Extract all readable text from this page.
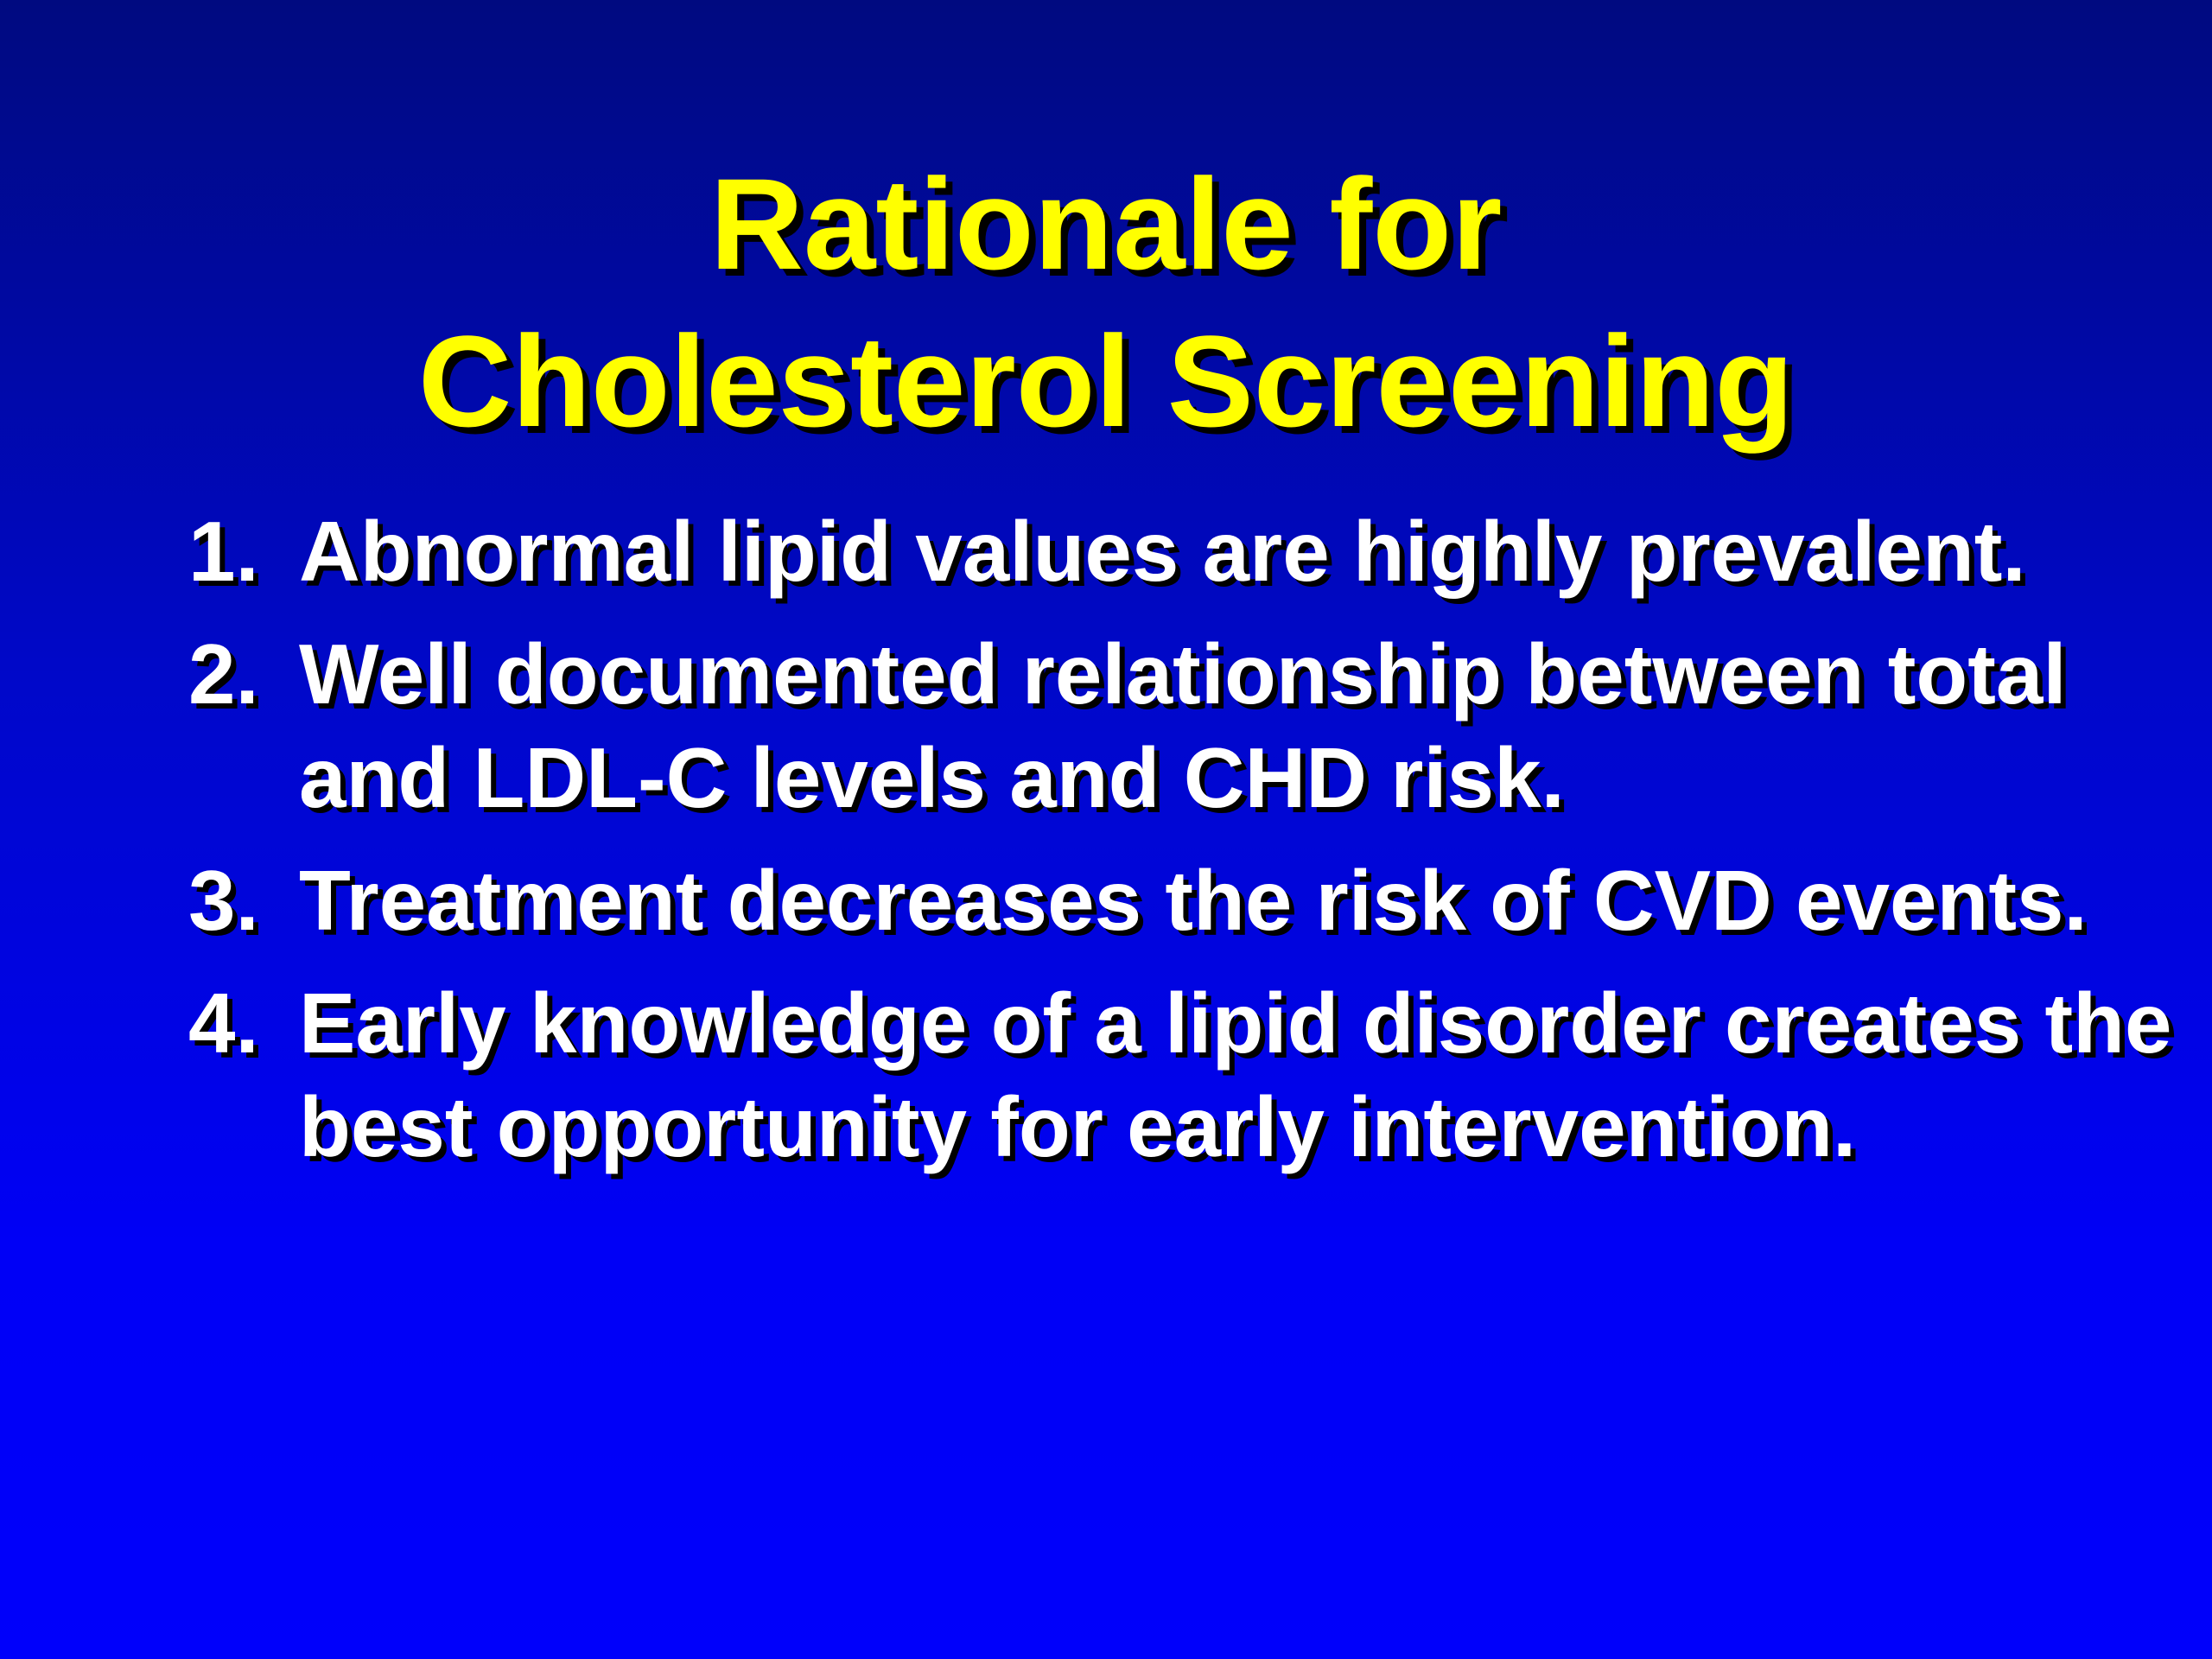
Rationale for
Cholesterol Screening
1. Abnormal lipid values are highly prevalent.
2. Well documented relationship between total and LDL-C levels and CHD risk.
3. Treatment decreases the risk of CVD events.
4. Early knowledge of a lipid disorder creates the best opportunity for early intervention.
